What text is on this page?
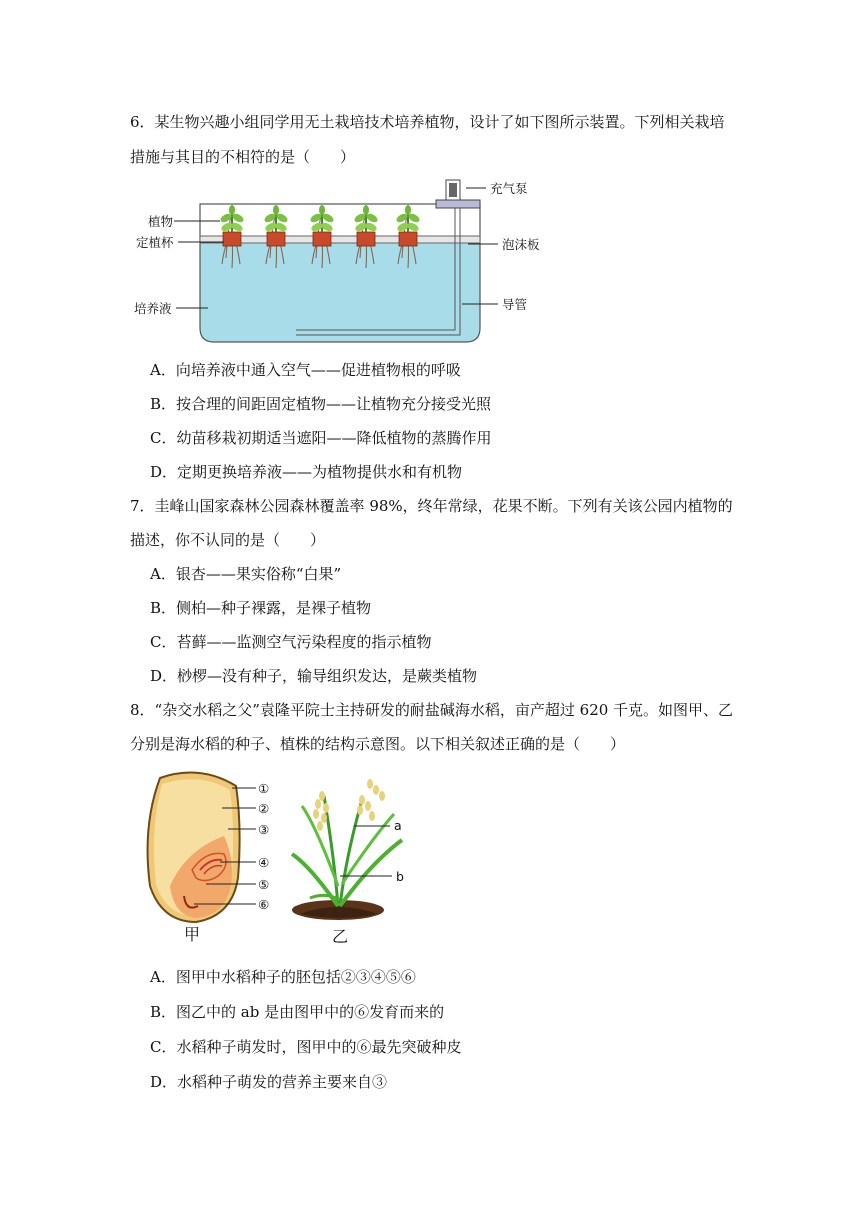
6．某生物兴趣小组同学用无土栽培技术培养植物，设计了如下图所示装置。下列相关栽培
措施与其目的不相符的是（　　）
植物
定植杯
培养液
充气泵
泡沫板
导管
A．向培养液中通入空气——促进植物根的呼吸
B．按合理的间距固定植物——让植物充分接受光照
C．幼苗移栽初期适当遮阳——降低植物的蒸腾作用
D．定期更换培养液——为植物提供水和有机物
7．圭峰山国家森林公园森林覆盖率 98%，终年常绿，花果不断。下列有关该公园内植物的
描述，你不认同的是（　　）
A．银杏——果实俗称“白果”
B．侧柏—种子裸露，是裸子植物
C．苔藓——监测空气污染程度的指示植物
D．桫椤—没有种子，输导组织发达，是蕨类植物
8．“杂交水稻之父”袁隆平院士主持研发的耐盐碱海水稻，亩产超过 620 千克。如图甲、乙
分别是海水稻的种子、植株的结构示意图。以下相关叙述正确的是（　　）
①
②
③
④
⑤
⑥
甲
a
b
乙
A．图甲中水稻种子的胚包括②③④⑤⑥
B．图乙中的 ab 是由图甲中的⑥发育而来的
C．水稻种子萌发时，图甲中的⑥最先突破种皮
D．水稻种子萌发的营养主要来自③
